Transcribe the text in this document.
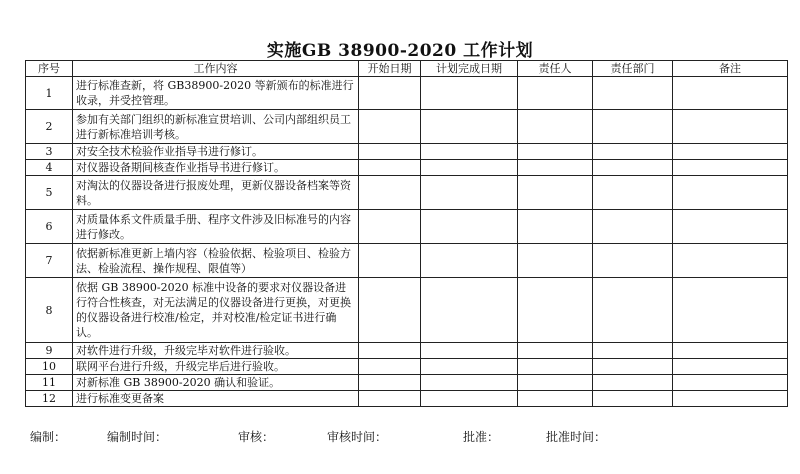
实施GB 38900-2020 工作计划
序号	工作内容	开始日期	计划完成日期	责任人	责任部门	备注
1	进行标准查新，将 GB38900-2020 等新颁布的标准进行收录，并受控管理。					
2	参加有关部门组织的新标准宣贯培训、公司内部组织员工进行新标准培训考核。					
3	对安全技术检验作业指导书进行修订。					
4	对仪器设备期间核查作业指导书进行修订。					
5	对淘汰的仪器设备进行报废处理，更新仪器设备档案等资料。					
6	对质量体系文件质量手册、程序文件涉及旧标准号的内容进行修改。					
7	依据新标准更新上墙内容（检验依据、检验项目、检验方法、检验流程、操作规程、限值等）					
8	依据 GB 38900-2020 标准中设备的要求对仪器设备进行符合性核查，对无法满足的仪器设备进行更换，对更换的仪器设备进行校准/检定，并对校准/检定证书进行确认。					
9	对软件进行升级，升级完毕对软件进行验收。					
10	联网平台进行升级，升级完毕后进行验收。					
11	对新标准 GB 38900-2020 确认和验证。					
12	进行标准变更备案					
编制：	编制时间：	审核：	审核时间：	批准：	批准时间：
